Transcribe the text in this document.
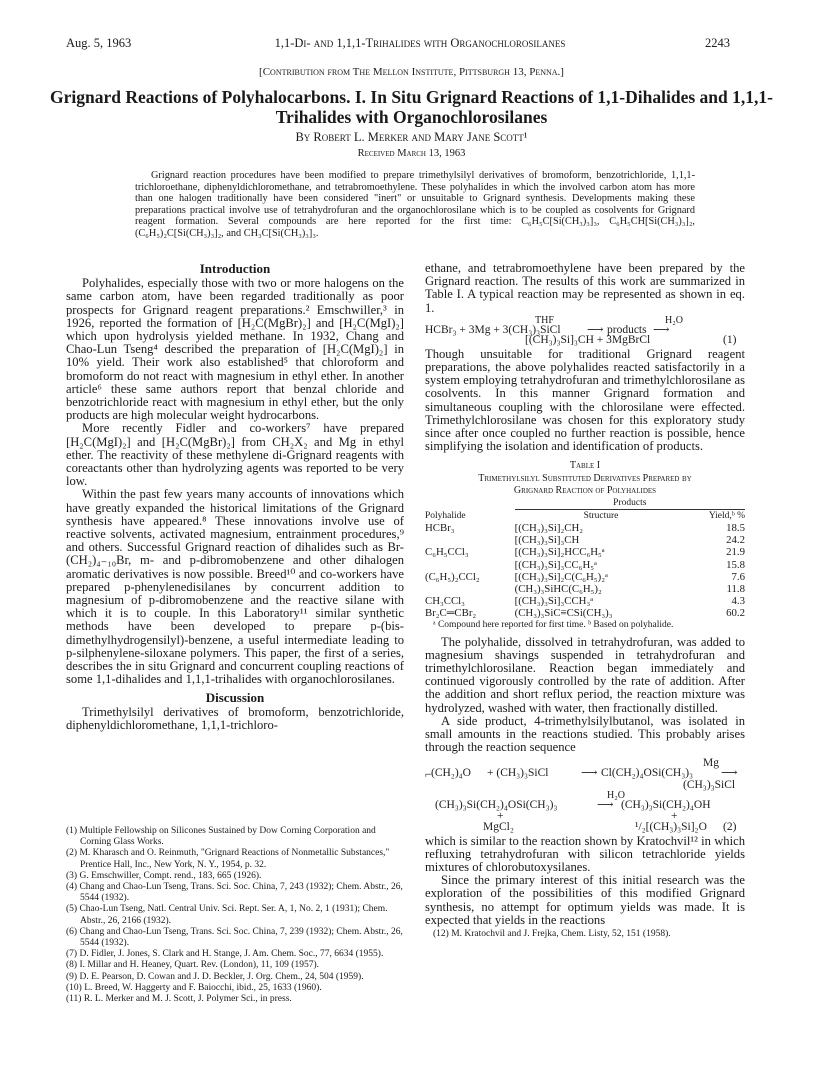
Aug. 5, 1963	1,1-Di- and 1,1,1-Trihalides with Organochlorosilanes	2243
[Contribution from The Mellon Institute, Pittsburgh 13, Penna.]
Grignard Reactions of Polyhalocarbons. I. In Situ Grignard Reactions of 1,1-Dihalides and 1,1,1-Trihalides with Organochlorosilanes
By Robert L. Merker and Mary Jane Scott¹
Received March 13, 1963

Grignard reaction procedures have been modified to prepare trimethylsilyl derivatives of bromoform, benzotrichloride, 1,1,1-trichloroethane, diphenyldichloromethane, and tetrabromoethylene. These polyhalides in which the involved carbon atom has more than one halogen traditionally have been considered "inert" or unsuitable to Grignard synthesis. Developments making these preparations practical involve use of tetrahydrofuran and the organochlorosilane which is to be coupled as cosolvents for Grignard reagent formation. Several compounds are here reported for the first time: C₆H₅C[Si(CH₃)₃]₃, C₆H₅CH[Si(CH₃)₃]₂, (C₆H₅)₂C[Si(CH₃)₃]₂, and CH₃C[Si(CH₃)₃]₃.

Introduction

Polyhalides, especially those with two or more halogens on the same carbon atom, have been regarded traditionally as poor prospects for Grignard reagent preparations.² Emschwiller,³ in 1926, reported the formation of [H₂C(MgBr)₂] and [H₂C(MgI)₂] which upon hydrolysis yielded methane. In 1932, Chang and Chao-Lun Tseng⁴ described the preparation of [H₂C(MgI)₂] in 10% yield. Their work also established⁵ that chloroform and bromoform do not react with magnesium in ethyl ether. In another article⁶ these same authors report that benzal chloride and benzotrichloride react with magnesium in ethyl ether, but the only products are high molecular weight hydrocarbons.

More recently Fidler and co-workers⁷ have prepared [H₂C(MgI)₂] and [H₂C(MgBr)₂] from CH₂X₂ and Mg in ethyl ether. The reactivity of these methylene di-Grignard reagents with coreactants other than hydrolyzing agents was reported to be very low.

Within the past few years many accounts of innovations which have greatly expanded the historical limitations of the Grignard synthesis have appeared.⁸ These innovations involve use of reactive solvents, activated magnesium, entrainment procedures,⁹ and others. Successful Grignard reaction of dihalides such as Br-(CH₂)₄₋₁₀Br, m- and p-dibromobenzene and other dihalogen aromatic derivatives is now possible. Breed¹⁰ and co-workers have prepared p-phenylenedisilanes by concurrent addition to magnesium of p-dibromobenzene and the reactive silane with which it is to couple. In this Laboratory¹¹ similar synthetic methods have been developed to prepare p-(bis-dimethylhydrogensilyl)-benzene, a useful intermediate leading to p-silphenylene-siloxane polymers. This paper, the first of a series, describes the in situ Grignard and concurrent coupling reactions of some 1,1-dihalides and 1,1,1-trihalides with organochlorosilanes.

Discussion

Trimethylsilyl derivatives of bromoform, benzotrichloride, diphenyldichloromethane, 1,1,1-trichloro-

(1) Multiple Fellowship on Silicones Sustained by Dow Corning Corporation and Corning Glass Works.
(2) M. Kharasch and O. Reinmuth, "Grignard Reactions of Nonmetallic Substances," Prentice Hall, Inc., New York, N. Y., 1954, p. 32.
(3) G. Emschwiller, Compt. rend., 183, 665 (1926).
(4) Chang and Chao-Lun Tseng, Trans. Sci. Soc. China, 7, 243 (1932); Chem. Abstr., 26, 5544 (1932).
(5) Chao-Lun Tseng, Natl. Central Univ. Sci. Rept. Ser. A, 1, No. 2, 1 (1931); Chem. Abstr., 26, 2166 (1932).
(6) Chang and Chao-Lun Tseng, Trans. Sci. Soc. China, 7, 239 (1932); Chem. Abstr., 26, 5544 (1932).
(7) D. Fidler, J. Jones, S. Clark and H. Stange, J. Am. Chem. Soc., 77, 6634 (1955).
(8) I. Millar and H. Heaney, Quart. Rev. (London), 11, 109 (1957).
(9) D. E. Pearson, D. Cowan and J. D. Beckler, J. Org. Chem., 24, 504 (1959).
(10) L. Breed, W. Haggerty and F. Baiocchi, ibid., 25, 1633 (1960).
(11) R. L. Merker and M. J. Scott, J. Polymer Sci., in press.

ethane, and tetrabromoethylene have been prepared by the Grignard reaction. The results of this work are summarized in Table I. A typical reaction may be represented as shown in eq. 1.

THF	H₂O
HCBr₃ + 3Mg + 3(CH₃)₃SiCl ⟶ products ⟶
[(CH₃)₃Si]₃CH + 3MgBrCl	(1)

Though unsuitable for traditional Grignard reagent preparations, the above polyhalides reacted satisfactorily in a system employing tetrahydrofuran and trimethylchlorosilane as cosolvents. In this manner Grignard formation and simultaneous coupling with the chlorosilane were effected. Trimethylchlorosilane was chosen for this exploratory study since after once coupled no further reaction is possible, hence simplifying the isolation and identification of products.

Table I
Trimethylsilyl Substituted Derivatives Prepared by
Grignard Reaction of Polyhalides
	Products	
Polyhalide	Structure	Yield,ᵇ %
HCBr₃	[(CH₃)₃Si]₂CH₂	18.5
	[(CH₃)₃Si]₃CH	24.2
C₆H₅CCl₃	[(CH₃)₃Si]₂HCC₆H₅ᵃ	21.9
	[(CH₃)₃Si]₃CC₆H₅ᵃ	15.8
(C₆H₅)₂CCl₂	[(CH₃)₃Si]₂C(C₆H₅)₂ᵃ	7.6
	(CH₃)₃SiHC(C₆H₅)₂	11.8
CH₃CCl₃	[(CH₃)₃Si]₃CCH₃ᵃ	4.3
Br₂C═CBr₂	(CH₃)₃SiC≡CSi(CH₃)₃	60.2
ᵃ Compound here reported for first time. ᵇ Based on polyhalide.

The polyhalide, dissolved in tetrahydrofuran, was added to magnesium shavings suspended in tetrahydrofuran and trimethylchlorosilane. Reaction began immediately and continued vigorously controlled by the rate of addition. After the addition and short reflux period, the reaction mixture was hydrolyzed, washed with water, then fractionally distilled.

A side product, 4-trimethylsilylbutanol, was isolated in small amounts in the reactions studied. This probably arises through the reaction sequence

Mg
⌐ (CH₂)₄O + (CH₃)₃SiCl	⟶ Cl(CH₂)₄OSi(CH₃)₃ ⟶
(CH₃)₃SiCl
H₂O
(CH₃)₃Si(CH₂)₄OSi(CH₃)₃	⟶ (CH₃)₃Si(CH₂)₄OH
+	+
MgCl₂	¹/₂[(CH₃)₃Si]₂O (2)

which is similar to the reaction shown by Kratochvil¹² in which refluxing tetrahydrofuran with silicon tetrachloride yields mixtures of chlorobutoxysilanes.

Since the primary interest of this initial research was the exploration of the possibilities of this modified Grignard synthesis, no attempt for optimum yields was made. It is expected that yields in the reactions

(12) M. Kratochvil and J. Frejka, Chem. Listy, 52, 151 (1958).
